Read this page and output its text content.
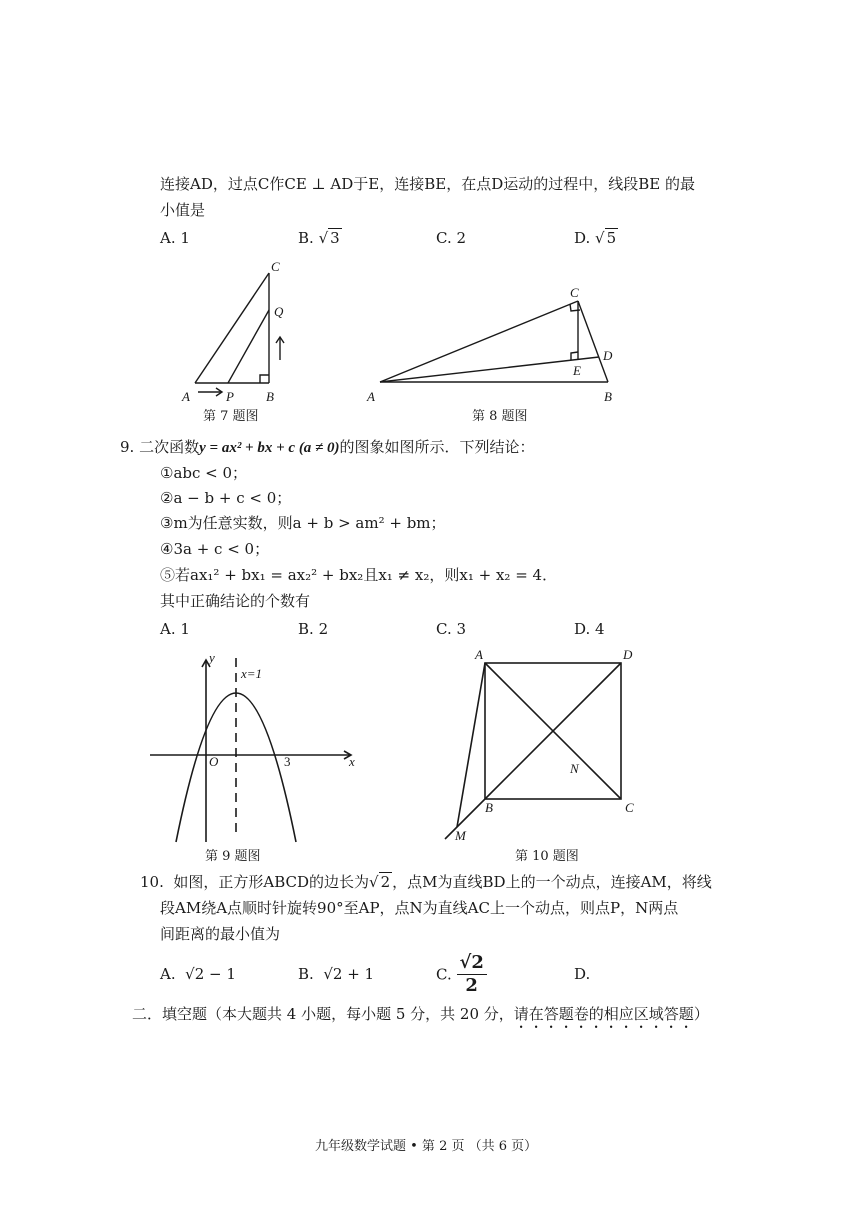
连接AD，过点C作CE ⊥ AD于E，连接BE，在点D运动的过程中，线段BE 的最
小值是
A. 1	B. √ 3	C. 2	D. √ 5
C
Q
A	P B
第 7 题图
C
D
E
A	B
第 8 题图
9. 二次函数y = ax² + bx + c (a ≠ 0)的图象如图所示．下列结论：
①abc < 0；
②a − b + c < 0；
③m为任意实数，则a + b > am² + bm；
④3a + c < 0；
⑤若ax₁² + bx₁ = ax₂² + bx₂且x₁ ≠ x₂，则x₁ + x₂ = 4．
其中正确结论的个数有
A. 1	B. 2	C. 3	D. 4
y
x=1
O	3	x
第 9 题图
A	D
N
B	C
M
第 10 题图
10. 如图，正方形ABCD的边长为√ 2 ，点M为直线BD上的一个动点，连接AM，将线
段AM绕A点顺时针旋转90°至AP，点N为直线AC上一个动点，则点P，N两点
间距离的最小值为
A. √2 − 1	B. √2 + 1	C. $\frac{√2}{2}$	D.
二．填空题（本大题共 4 小题，每小题 5 分，共 20 分，请在答题卷的相应区域答题）
九年级数学试题 • 第 2 页 （共 6 页）
